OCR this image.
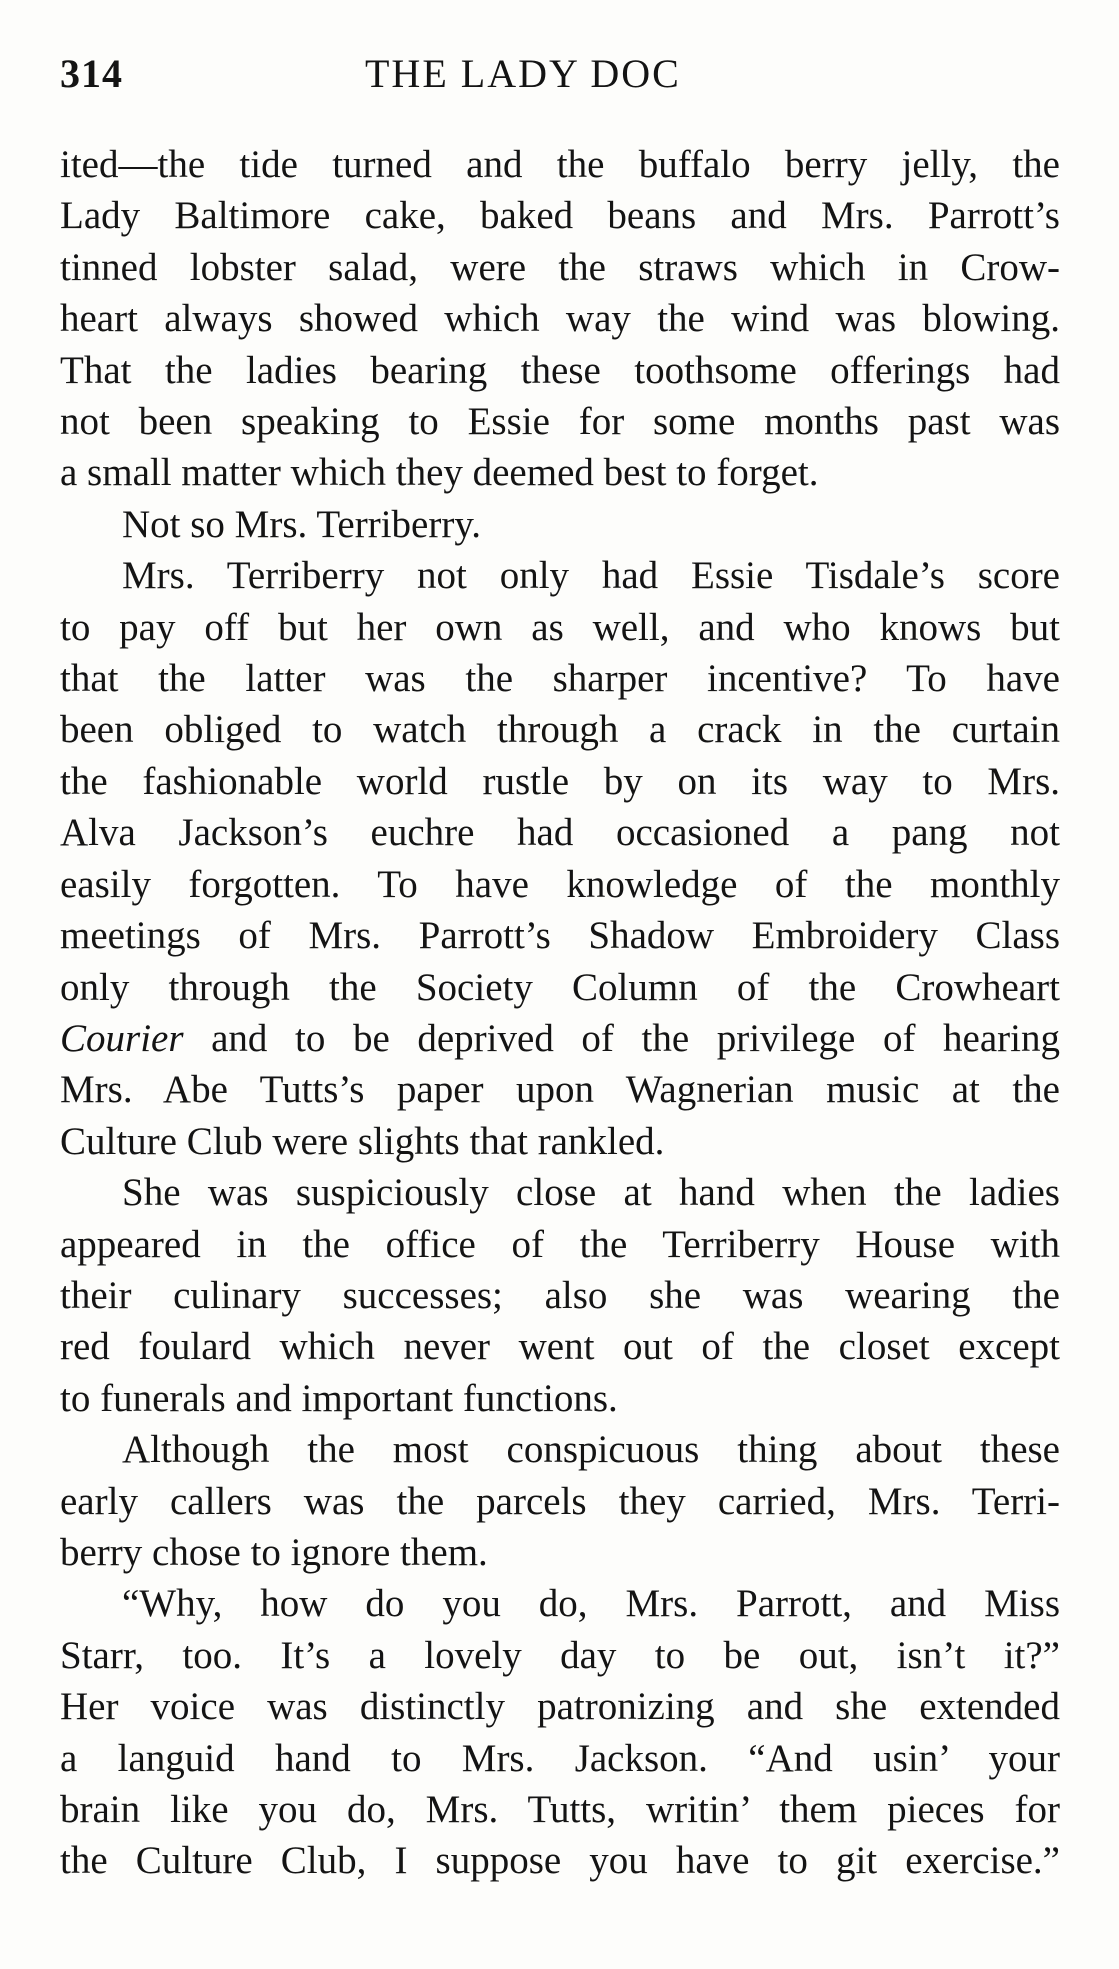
314	THE LADY DOC

ited—the tide turned and the buffalo berry jelly, the
Lady Baltimore cake, baked beans and Mrs. Parrott’s
tinned lobster salad, were the straws which in Crow-
heart always showed which way the wind was blowing.
That the ladies bearing these toothsome offerings had
not been speaking to Essie for some months past was
a small matter which they deemed best to forget.

Not so Mrs. Terriberry.

Mrs. Terriberry not only had Essie Tisdale’s score
to pay off but her own as well, and who knows but
that the latter was the sharper incentive? To have
been obliged to watch through a crack in the curtain
the fashionable world rustle by on its way to Mrs.
Alva Jackson’s euchre had occasioned a pang not
easily forgotten. To have knowledge of the monthly
meetings of Mrs. Parrott’s Shadow Embroidery Class
only through the Society Column of the Crowheart
Courier and to be deprived of the privilege of hearing
Mrs. Abe Tutts’s paper upon Wagnerian music at the
Culture Club were slights that rankled.

She was suspiciously close at hand when the ladies
appeared in the office of the Terriberry House with
their culinary successes; also she was wearing the
red foulard which never went out of the closet except
to funerals and important functions.

Although the most conspicuous thing about these
early callers was the parcels they carried, Mrs. Terri-
berry chose to ignore them.

“Why, how do you do, Mrs. Parrott, and Miss
Starr, too. It’s a lovely day to be out, isn’t it?”
Her voice was distinctly patronizing and she extended
a languid hand to Mrs. Jackson. “And usin’ your
brain like you do, Mrs. Tutts, writin’ them pieces for
the Culture Club, I suppose you have to git exercise.”
